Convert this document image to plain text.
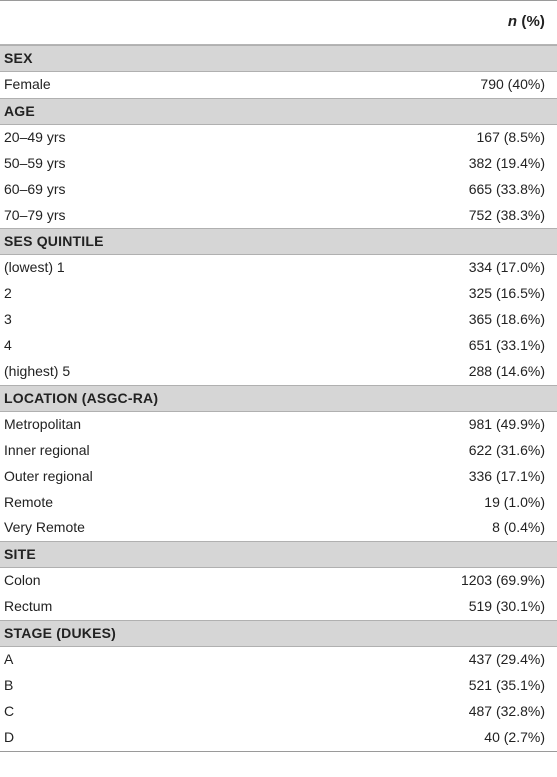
n (%)
SEX
Female	790 (40%)
AGE
20–49 yrs	167 (8.5%)
50–59 yrs	382 (19.4%)
60–69 yrs	665 (33.8%)
70–79 yrs	752 (38.3%)
SES QUINTILE
(lowest) 1	334 (17.0%)
2	325 (16.5%)
3	365 (18.6%)
4	651 (33.1%)
(highest) 5	288 (14.6%)
LOCATION (ASGC-RA)
Metropolitan	981 (49.9%)
Inner regional	622 (31.6%)
Outer regional	336 (17.1%)
Remote	19 (1.0%)
Very Remote	8 (0.4%)
SITE
Colon	1203 (69.9%)
Rectum	519 (30.1%)
STAGE (DUKES)
A	437 (29.4%)
B	521 (35.1%)
C	487 (32.8%)
D	40 (2.7%)
